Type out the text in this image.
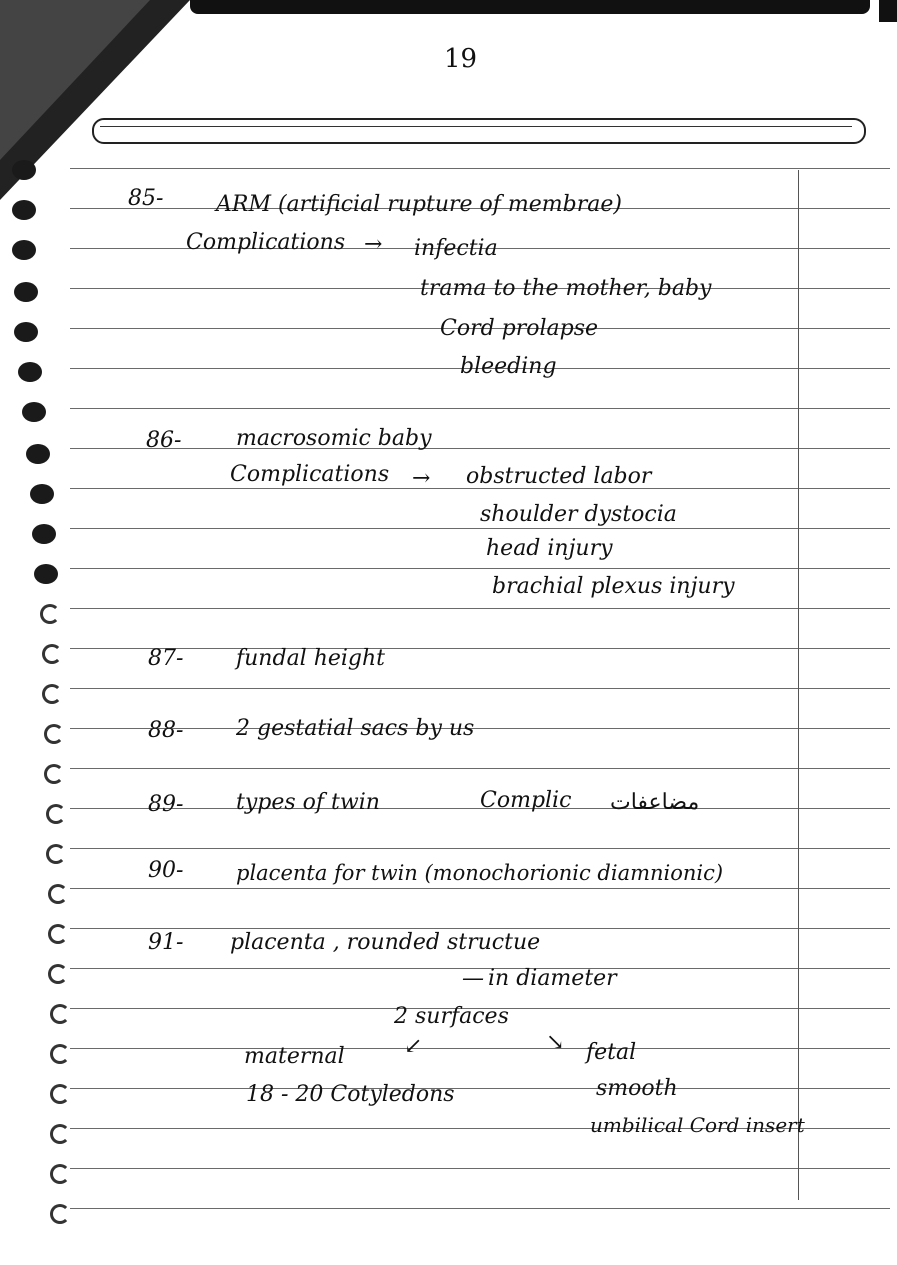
19
85- ARM (artificial rupture of membrae)
Complications → infectia
trama to the mother, baby
Cord prolapse
bleeding
86- macrosomic baby
Complications → obstructed labor
shoulder dystocia
head injury
brachial plexus injury
87- fundal height
88- 2 gestatial sacs by us
89- types of twin	Complic مضاعفات
90-	placenta for twin (monochorionic diamnionic)
91- placenta , rounded structue
— in diameter
2 surfaces
↙	↘
maternal	fetal
18 - 20 Cotyledons	smooth
umbilical Cord insert
